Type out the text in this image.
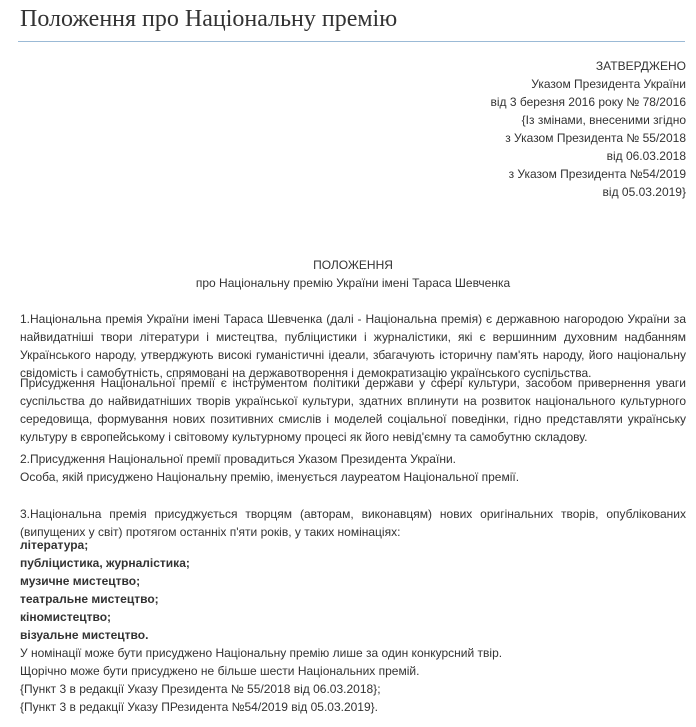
Положення про Національну премію
ЗАТВЕРДЖЕНО
Указом Президента України
від 3 березня 2016 року № 78/2016
{Із змінами, внесеними згідно
з Указом Президента № 55/2018
від 06.03.2018
з Указом Президента №54/2019
від 05.03.2019}
ПОЛОЖЕННЯ
про Національну премію України імені Тараса Шевченка

1.Національна премія України імені Тараса Шевченка (далі - Національна премія) є державною нагородою України за найвидатніші твори літератури і мистецтва, публіцистики і журналістики, які є вершинним духовним надбанням Українського народу, утверджують високі гуманістичні ідеали, збагачують історичну пам'ять народу, його національну свідомість і самобутність, спрямовані на державотворення і демократизацію українського суспільства.

Присудження Національної премії є інструментом політики держави у сфері культури, засобом привернення уваги суспільства до найвидатніших творів української культури, здатних вплинути на розвиток національного культурного середовища, формування нових позитивних смислів і моделей соціальної поведінки, гідно представляти українську культуру в європейському і світовому культурному процесі як його невід'ємну та самобутню складову.

2.Присудження Національної премії провадиться Указом Президента України.

Особа, якій присуджено Національну премію, іменується лауреатом Національної премії.

3.Національна премія присуджується творцям (авторам, виконавцям) нових оригінальних творів, опублікованих (випущених у світ) протягом останніх п'яти років, у таких номінаціях:

література;
публіцистика, журналістика;
музичне мистецтво;
театральне мистецтво;
кіномистецтво;
візуальне мистецтво.
У номінації може бути присуджено Національну премію лише за один конкурсний твір.
Щорічно може бути присуджено не більше шести Національних премій.
{Пункт 3 в редакції Указу Президента № 55/2018 від 06.03.2018};
{Пункт 3 в редакції Указу ПРезидента №54/2019 від 05.03.2019}.
